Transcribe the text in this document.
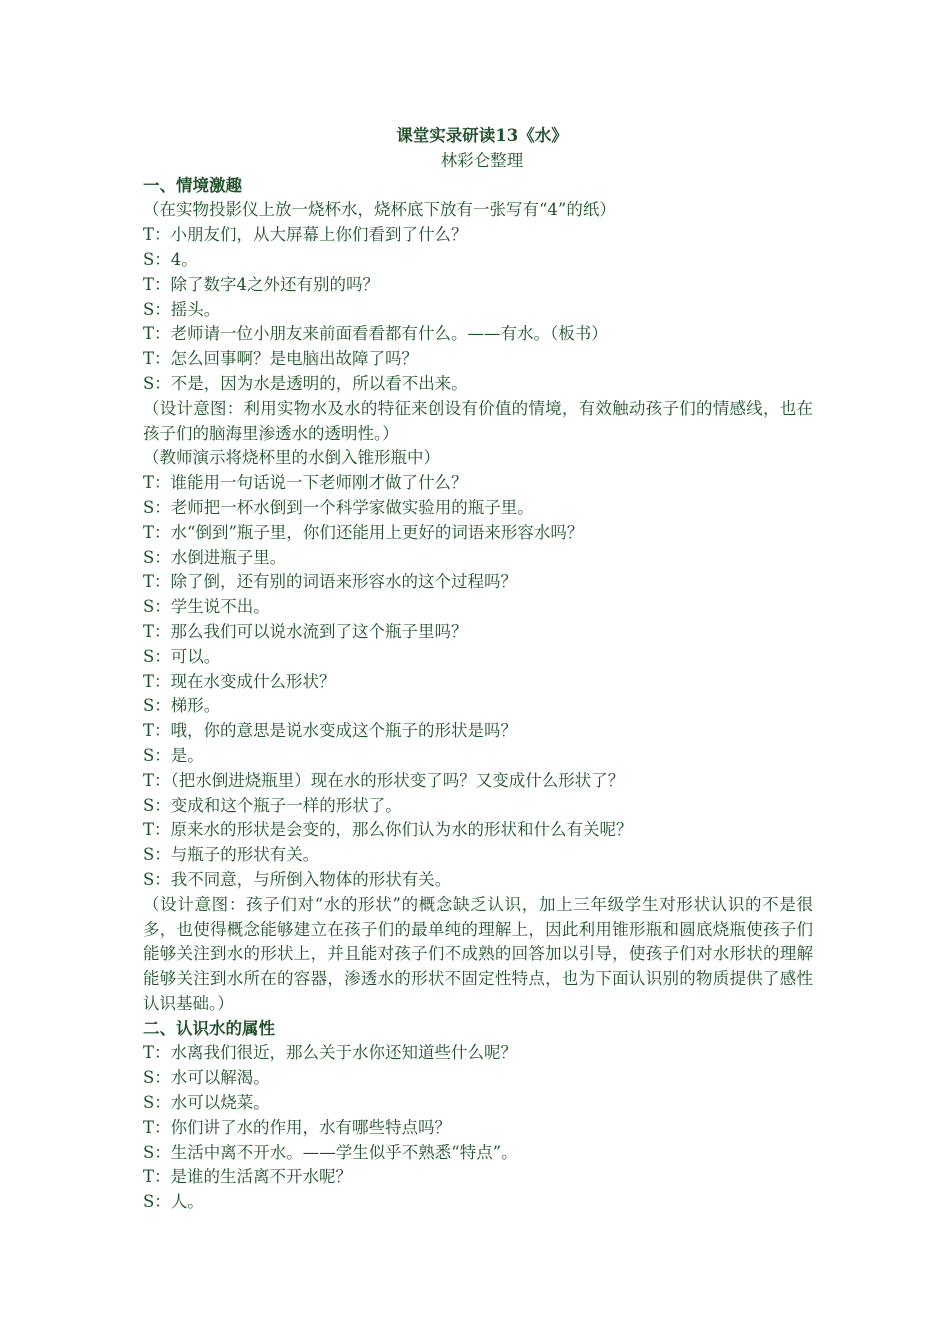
课堂实录研读13《水》

林彩仑整理

一、情境激趣

（在实物投影仪上放一烧杯水，烧杯底下放有一张写有“4”的纸）

T：小朋友们，从大屏幕上你们看到了什么？

S：4。

T：除了数字4之外还有别的吗？

S：摇头。

T：老师请一位小朋友来前面看看都有什么。——有水。（板书）

T：怎么回事啊？是电脑出故障了吗？

S：不是，因为水是透明的，所以看不出来。

（设计意图：利用实物水及水的特征来创设有价值的情境，有效触动孩子们的情感线，也在孩子们的脑海里渗透水的透明性。）

（教师演示将烧杯里的水倒入锥形瓶中）

T：谁能用一句话说一下老师刚才做了什么？

S：老师把一杯水倒到一个科学家做实验用的瓶子里。

T：水“倒到”瓶子里，你们还能用上更好的词语来形容水吗？

S：水倒进瓶子里。

T：除了倒，还有别的词语来形容水的这个过程吗？

S：学生说不出。

T：那么我们可以说水流到了这个瓶子里吗？

S：可以。

T：现在水变成什么形状？

S：梯形。

T：哦，你的意思是说水变成这个瓶子的形状是吗？

S：是。

T：（把水倒进烧瓶里）现在水的形状变了吗？又变成什么形状了？

S：变成和这个瓶子一样的形状了。

T：原来水的形状是会变的，那么你们认为水的形状和什么有关呢？

S：与瓶子的形状有关。

S：我不同意，与所倒入物体的形状有关。

（设计意图：孩子们对“水的形状”的概念缺乏认识，加上三年级学生对形状认识的不是很多，也使得概念能够建立在孩子们的最单纯的理解上，因此利用锥形瓶和圆底烧瓶使孩子们能够关注到水的形状上，并且能对孩子们不成熟的回答加以引导，使孩子们对水形状的理解能够关注到水所在的容器，渗透水的形状不固定性特点，也为下面认识别的物质提供了感性认识基础。）

二、认识水的属性

T：水离我们很近，那么关于水你还知道些什么呢？

S：水可以解渴。

S：水可以烧菜。

T：你们讲了水的作用，水有哪些特点吗？

S：生活中离不开水。——学生似乎不熟悉“特点”。

T：是谁的生活离不开水呢？

S：人。
